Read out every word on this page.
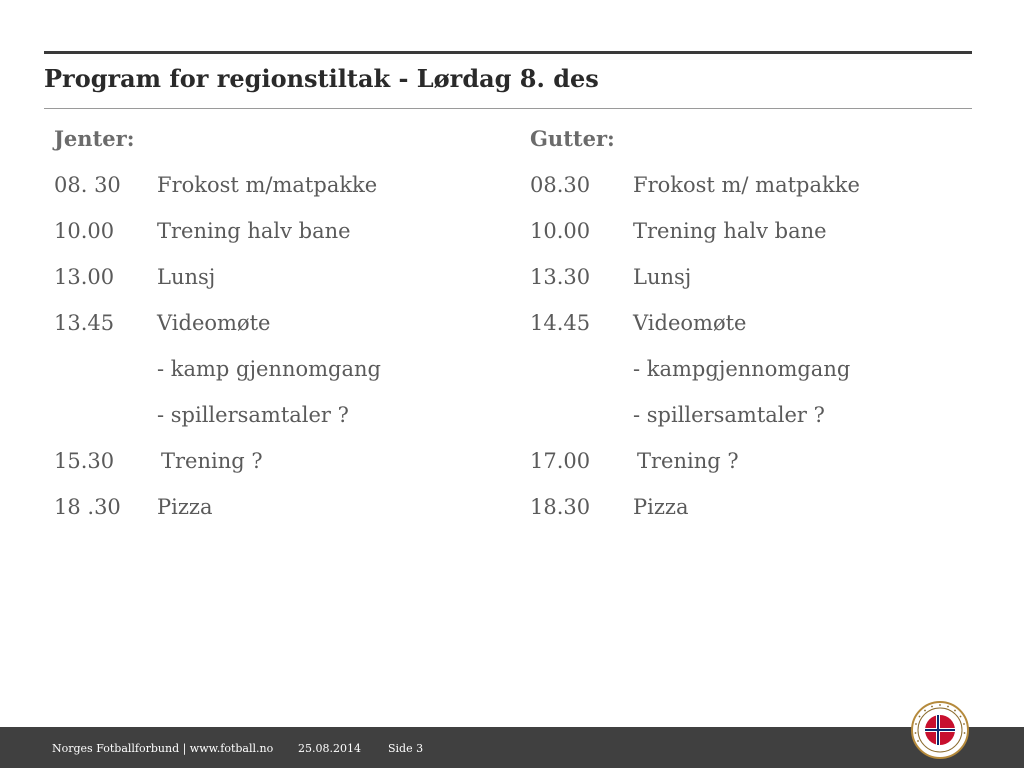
Program for regionstiltak - Lørdag 8. des
Jenter:
08. 30 Frokost m/matpakke
10.00 Trening halv bane
13.00 Lunsj
13.45 Videomøte
- kamp gjennomgang
- spillersamtaler ?
15.30 Trening ?
18 .30 Pizza
Gutter:
08.30 Frokost m/ matpakke
10.00 Trening halv bane
13.30 Lunsj
14.45 Videomøte
- kampgjennomgang
- spillersamtaler ?
17.00 Trening ?
18.30 Pizza
Norges Fotballforbund | www.fotball.no 25.08.2014 Side 3
